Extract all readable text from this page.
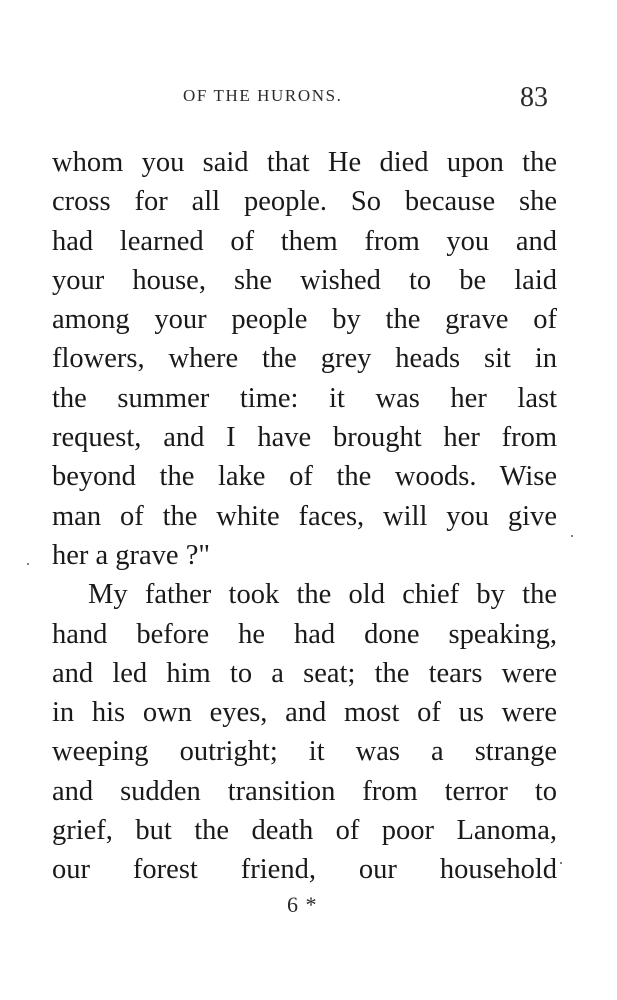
OF THE HURONS.	83
whom you said that He died upon the
cross for all people. So because she
had learned of them from you and
your house, she wished to be laid
among your people by the grave of
flowers, where the grey heads sit in
the summer time: it was her last
request, and I have brought her from
beyond the lake of the woods. Wise
man of the white faces, will you give
her a grave ?"
My father took the old chief by the
hand before he had done speaking,
and led him to a seat; the tears were
in his own eyes, and most of us were
weeping outright; it was a strange
and sudden transition from terror to
grief, but the death of poor Lanoma,
our forest friend, our household
6 *
